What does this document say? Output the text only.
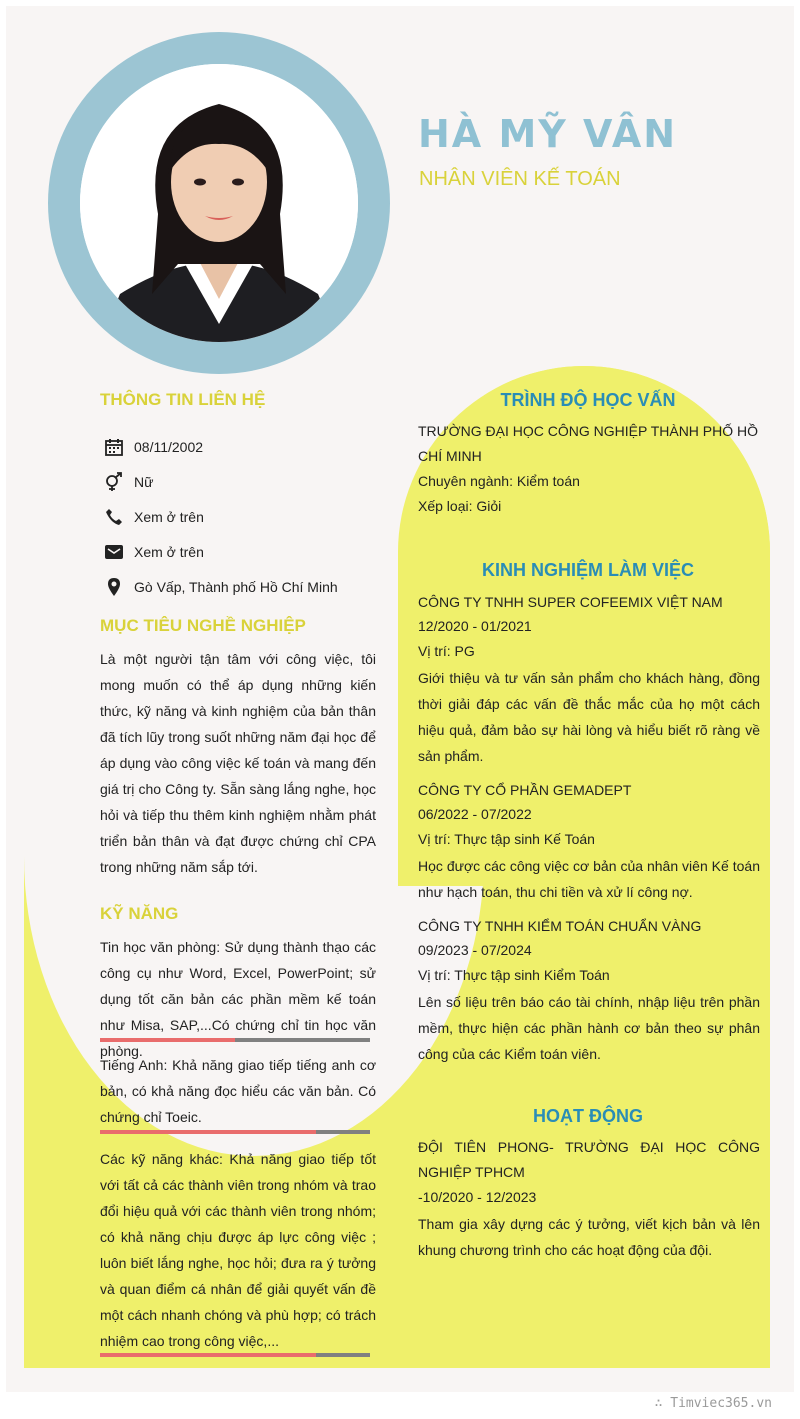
HÀ MỸ VÂN
NHÂN VIÊN KẾ TOÁN
THÔNG TIN LIÊN HỆ
08/11/2002
Nữ
Xem ở trên
Xem ở trên
Gò Vấp, Thành phố Hồ Chí Minh
MỤC TIÊU NGHỀ NGHIỆP
Là một người tận tâm với công việc, tôi mong muốn có thể áp dụng những kiến thức, kỹ năng và kinh nghiệm của bản thân đã tích lũy trong suốt những năm đại học để áp dụng vào công việc kế toán và mang đến giá trị cho Công ty. Sẵn sàng lắng nghe, học hỏi và tiếp thu thêm kinh nghiệm nhằm phát triển bản thân và đạt được chứng chỉ CPA trong những năm sắp tới.
KỸ NĂNG
Tin học văn phòng: Sử dụng thành thạo các công cụ như Word, Excel, PowerPoint; sử dụng tốt căn bản các phần mềm kế toán như Misa, SAP,...Có chứng chỉ tin học văn phòng.
Tiếng Anh: Khả năng giao tiếp tiếng anh cơ bản, có khả năng đọc hiểu các văn bản. Có chứng chỉ Toeic.
Các kỹ năng khác: Khả năng giao tiếp tốt với tất cả các thành viên trong nhóm và trao đổi hiệu quả với các thành viên trong nhóm; có khả năng chịu được áp lực công việc ; luôn biết lắng nghe, học hỏi; đưa ra ý tưởng và quan điểm cá nhân để giải quyết vấn đề một cách nhanh chóng và phù hợp; có trách nhiệm cao trong công việc,...
TRÌNH ĐỘ HỌC VẤN
TRƯỜNG ĐẠI HỌC CÔNG NGHIỆP THÀNH PHỐ HỒ CHÍ MINH
Chuyên ngành: Kiểm toán
Xếp loại: Giỏi
KINH NGHIỆM LÀM VIỆC
CÔNG TY TNHH SUPER COFEEMIX VIỆT NAM
12/2020 - 01/2021
Vị trí: PG
Giới thiệu và tư vấn sản phẩm cho khách hàng, đồng thời giải đáp các vấn đề thắc mắc của họ một cách hiệu quả, đảm bảo sự hài lòng và hiểu biết rõ ràng về sản phẩm.
CÔNG TY CỔ PHẦN GEMADEPT
06/2022 - 07/2022
Vị trí: Thực tập sinh Kế Toán
Học được các công việc cơ bản của nhân viên Kế toán như hạch toán, thu chi tiền và xử lí công nợ.
CÔNG TY TNHH KIỂM TOÁN CHUẨN VÀNG
09/2023 - 07/2024
Vị trí: Thực tập sinh Kiểm Toán
Lên số liệu trên báo cáo tài chính, nhập liệu trên phần mềm, thực hiện các phần hành cơ bản theo sự phân công của các Kiểm toán viên.
HOẠT ĐỘNG
ĐỘI TIÊN PHONG- TRƯỜNG ĐẠI HỌC CÔNG NGHIỆP TPHCM
-10/2020 - 12/2023
Tham gia xây dựng các ý tưởng, viết kịch bản và lên khung chương trình cho các hoạt động của đội.
∴ Timviec365.vn
